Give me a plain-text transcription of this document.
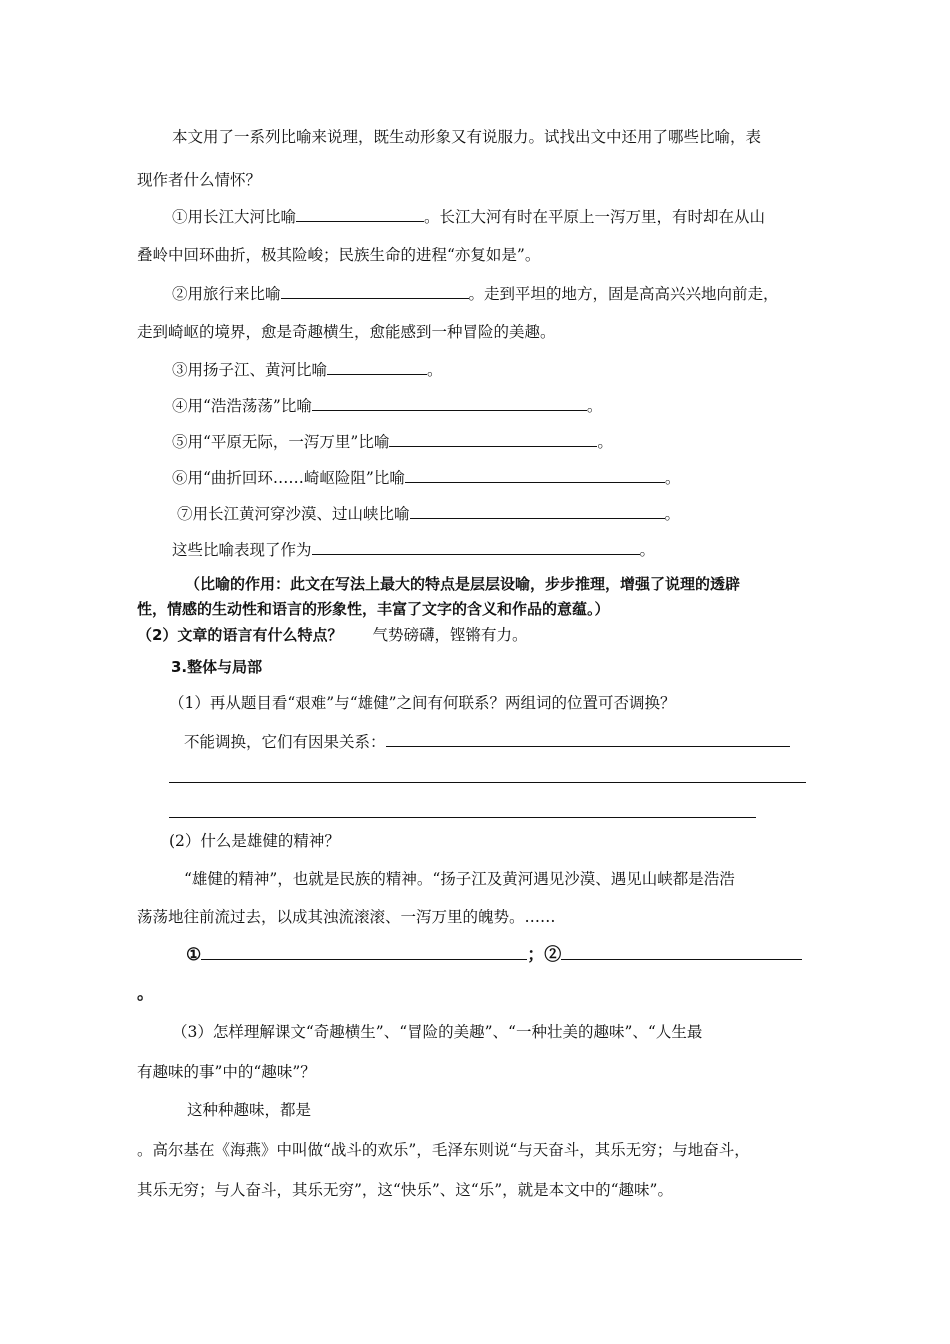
本文用了一系列比喻来说理，既生动形象又有说服力。试找出文中还用了哪些比喻，表
现作者什么情怀？
①用长江大河比喻	。长江大河有时在平原上一泻万里，有时却在从山
叠岭中回环曲折，极其险峻；民族生命的进程“亦复如是”。
②用旅行来比喻	。走到平坦的地方，固是高高兴兴地向前走，
走到崎岖的境界，愈是奇趣横生，愈能感到一种冒险的美趣。
③用扬子江、黄河比喻	。
④用“浩浩荡荡”比喻	。
⑤用“平原无际，一泻万里”比喻	。
⑥用“曲折回环……崎岖险阻”比喻	。
⑦用长江黄河穿沙漠、过山峡比喻	。
这些比喻表现了作为	。
（比喻的作用：此文在写法上最大的特点是层层设喻，步步推理，增强了说理的透辟
性，情感的生动性和语言的形象性，丰富了文字的含义和作品的意蕴。）
（2）文章的语言有什么特点？ 气势磅礴，铿锵有力。
3.整体与局部
（1）再从题目看“艰难”与“雄健”之间有何联系？两组词的位置可否调换？
不能调换，它们有因果关系：
(2）什么是雄健的精神？
“雄健的精神”，也就是民族的精神。“扬子江及黄河遇见沙漠、遇见山峡都是浩浩
荡荡地往前流过去，以成其浊流滚滚、一泻万里的魄势。……
①	；②
。
（3）怎样理解课文“奇趣横生”、“冒险的美趣”、“一种壮美的趣味”、“人生最
有趣味的事”中的“趣味”？
这种种趣味，都是
。高尔基在《海燕》中叫做“战斗的欢乐”，毛泽东则说“与天奋斗，其乐无穷；与地奋斗，
其乐无穷；与人奋斗，其乐无穷”，这“快乐”、这“乐”，就是本文中的“趣味”。
